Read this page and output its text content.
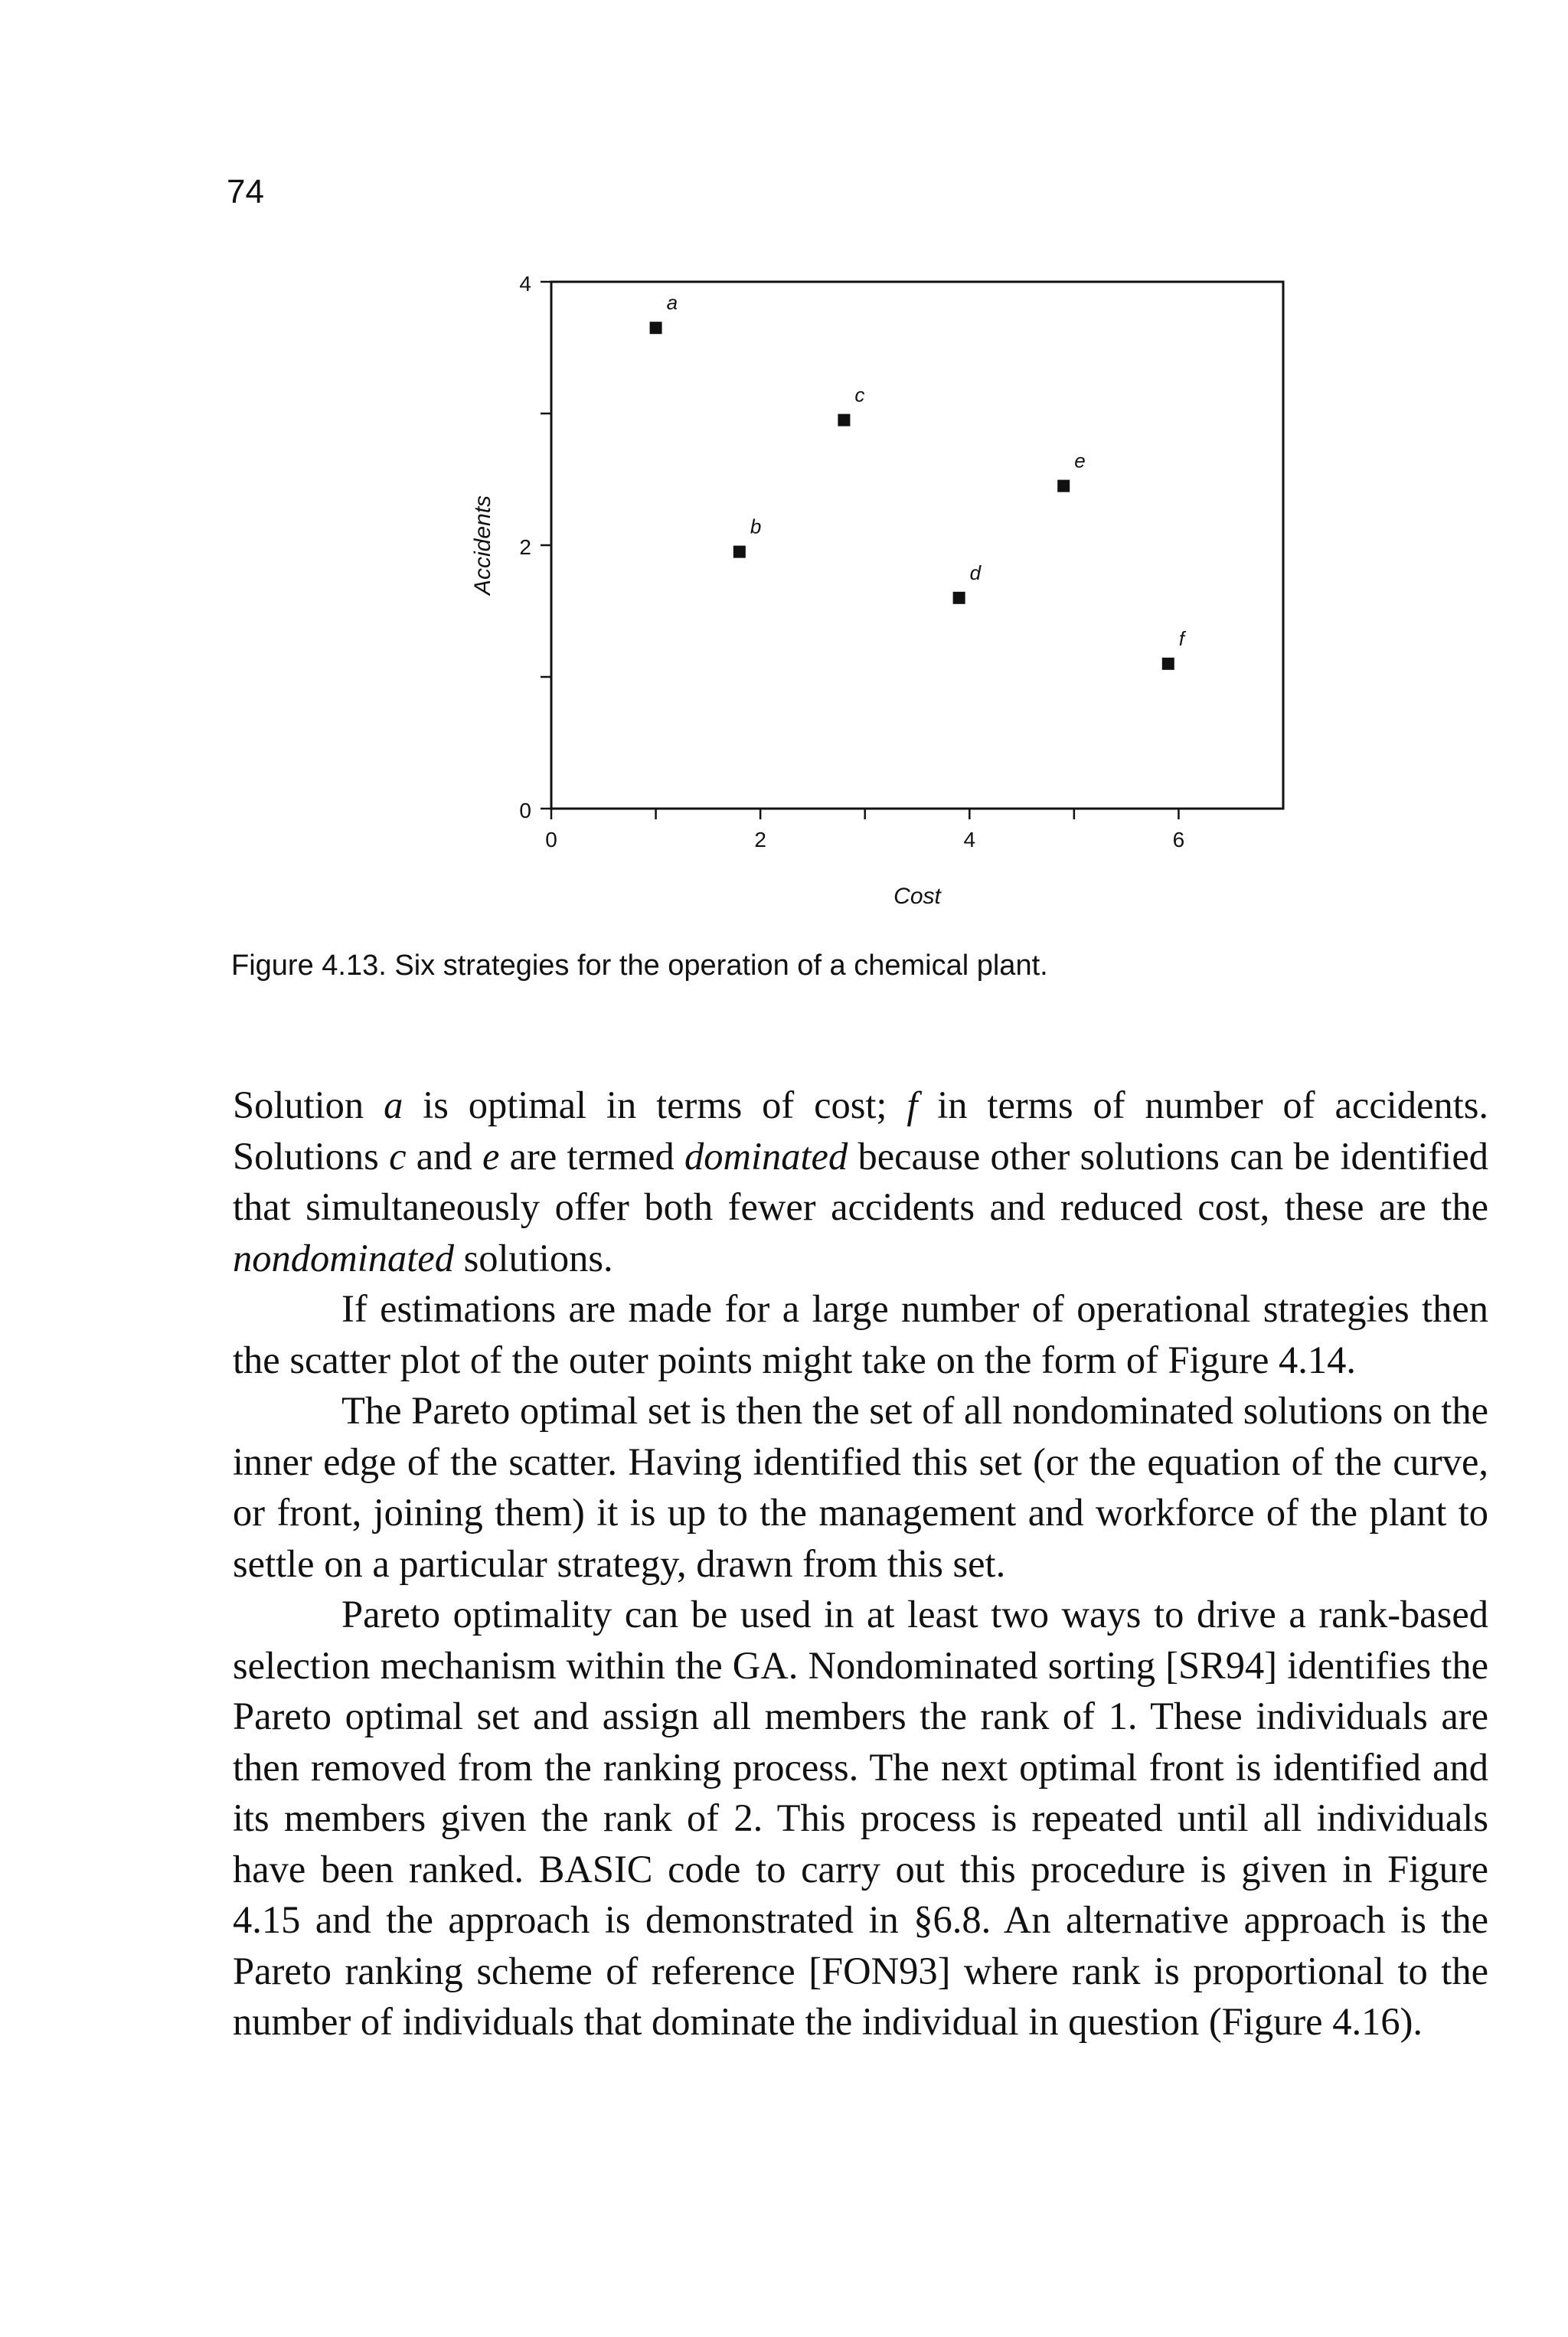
74
0
2
4
0	2	4	6
Cost
Accidents
a
b
c
d
e
f
Figure 4.13. Six strategies for the operation of a chemical plant.

Solution a is optimal in terms of cost; f in terms of number of accidents. Solutions c and e are termed dominated because other solutions can be identified that simultaneously offer both fewer accidents and reduced cost, these are the nondominated solutions.

If estimations are made for a large number of operational strategies then the scatter plot of the outer points might take on the form of Figure 4.14.

The Pareto optimal set is then the set of all nondominated solutions on the inner edge of the scatter. Having identified this set (or the equation of the curve, or front, joining them) it is up to the management and workforce of the plant to settle on a particular strategy, drawn from this set.

Pareto optimality can be used in at least two ways to drive a rank-based selection mechanism within the GA. Nondominated sorting [SR94] identifies the Pareto optimal set and assign all members the rank of 1. These individuals are then removed from the ranking process. The next optimal front is identified and its members given the rank of 2. This process is repeated until all individuals have been ranked. BASIC code to carry out this procedure is given in Figure 4.15 and the approach is demonstrated in §6.8. An alternative approach is the Pareto ranking scheme of reference [FON93] where rank is proportional to the number of individuals that dominate the individual in question (Figure 4.16).
